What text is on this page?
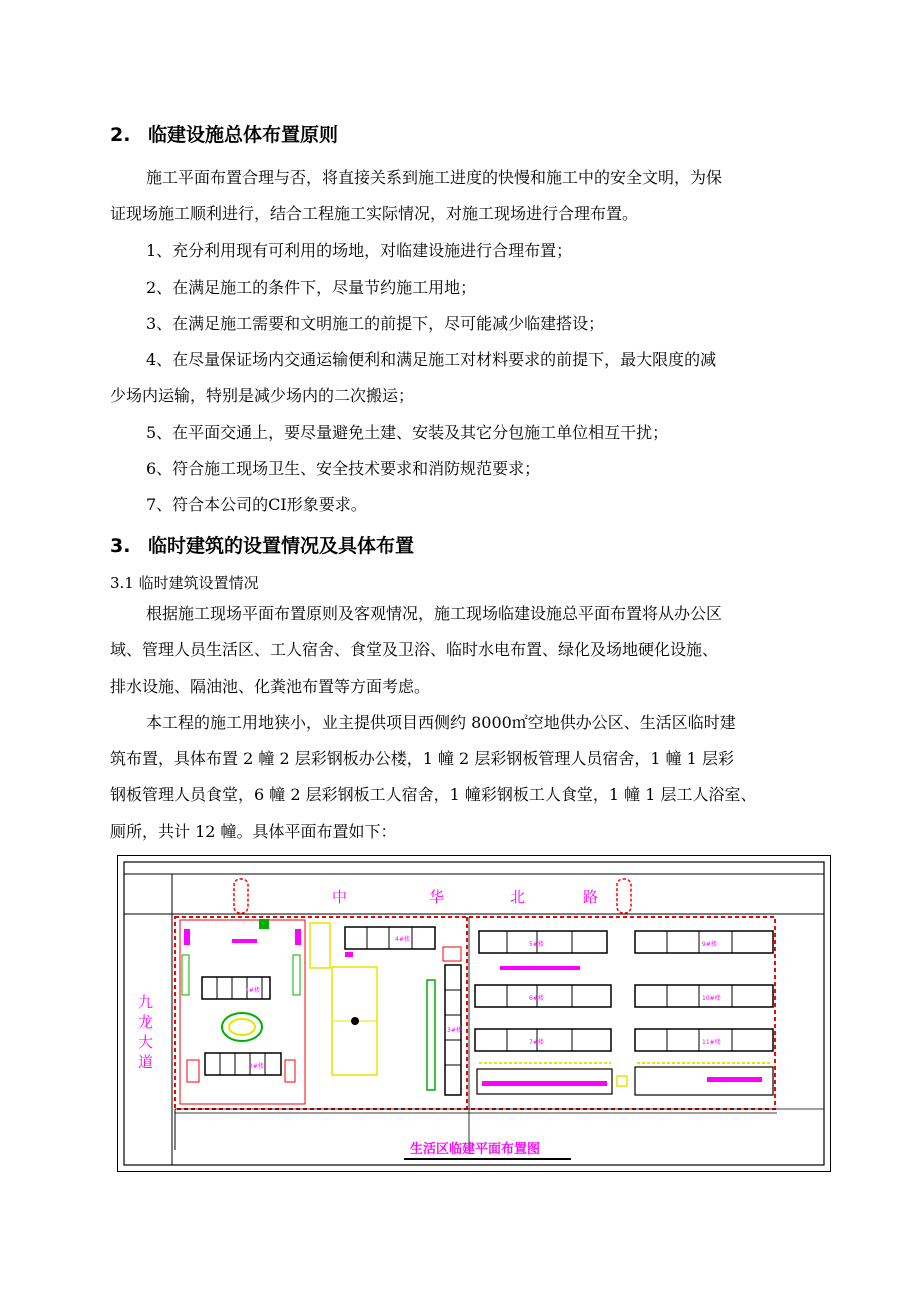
2. 临建设施总体布置原则
施工平面布置合理与否，将直接关系到施工进度的快慢和施工中的安全文明，为保
证现场施工顺利进行，结合工程施工实际情况，对施工现场进行合理布置。
1、充分利用现有可利用的场地，对临建设施进行合理布置；
2、在满足施工的条件下，尽量节约施工用地；
3、在满足施工需要和文明施工的前提下，尽可能减少临建搭设；
4、在尽量保证场内交通运输便利和满足施工对材料要求的前提下，最大限度的减
少场内运输，特别是减少场内的二次搬运；
5、在平面交通上，要尽量避免土建、安装及其它分包施工单位相互干扰；
6、符合施工现场卫生、安全技术要求和消防规范要求；
7、符合本公司的CI形象要求。
3. 临时建筑的设置情况及具体布置
3.1 临时建筑设置情况
根据施工现场平面布置原则及客观情况，施工现场临建设施总平面布置将从办公区
域、管理人员生活区、工人宿舍、食堂及卫浴、临时水电布置、绿化及场地硬化设施、
排水设施、隔油池、化粪池布置等方面考虑。
本工程的施工用地狭小，业主提供项目西侧约 8000㎡空地供办公区、生活区临时建
筑布置，具体布置 2 幢 2 层彩钢板办公楼，1 幢 2 层彩钢板管理人员宿舍，1 幢 1 层彩
钢板管理人员食堂，6 幢 2 层彩钢板工人宿舍，1 幢彩钢板工人食堂，1 幢 1 层工人浴室、
厕所，共计 12 幢。具体平面布置如下：
中	华	北	路
九
龙
大
道
1#楼
2#楼
4#楼
3#楼
5#楼
6#楼
7#楼
9#楼
10#楼
11#楼
生活区临建平面布置图
